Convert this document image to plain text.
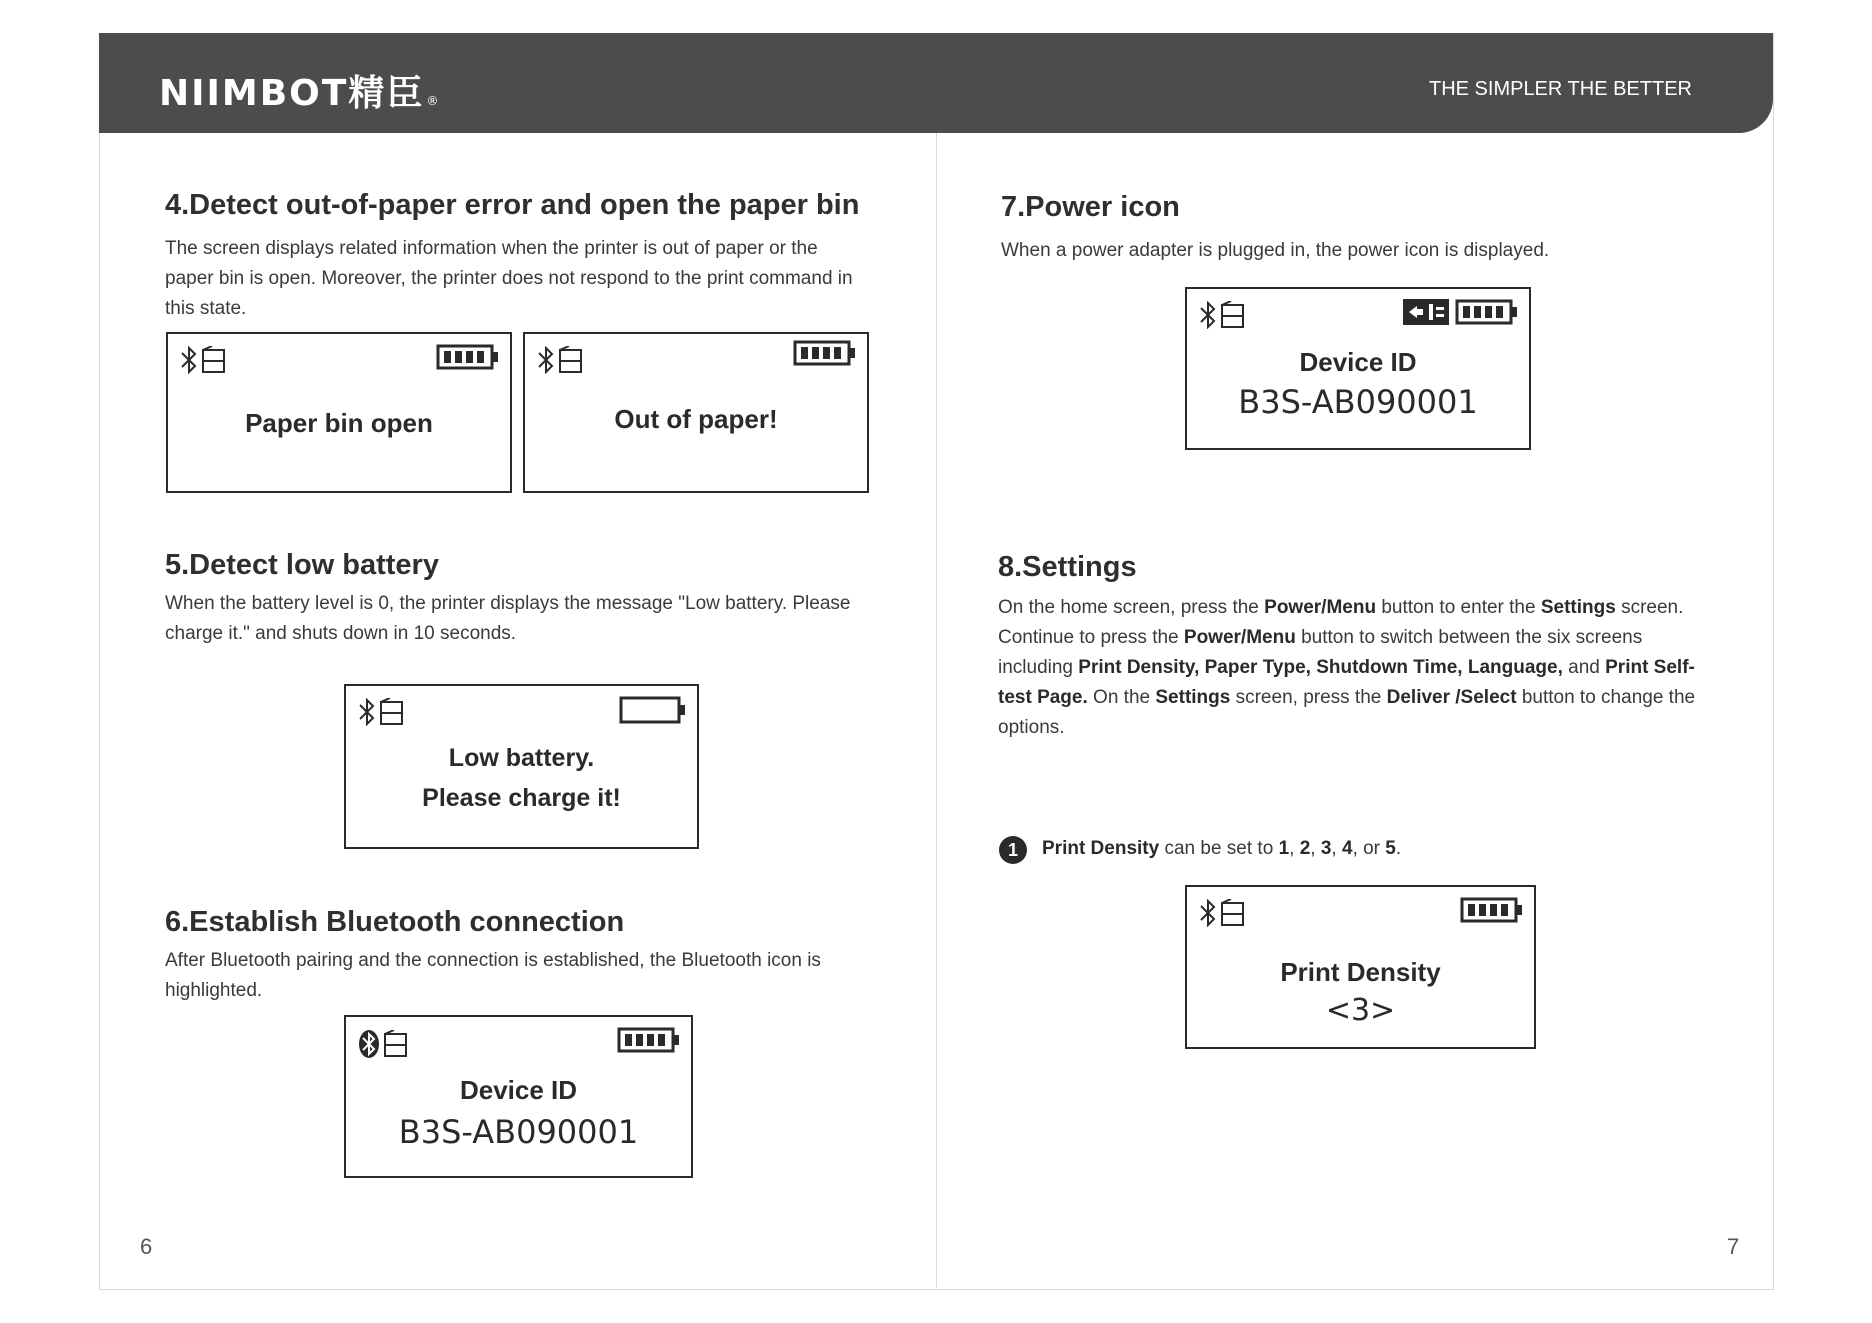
NIIMBOT精臣 ®
THE SIMPLER THE BETTER
4.Detect out-of-paper error and open the paper bin

The screen displays related information when the printer is out of paper or the paper bin is open. Moreover, the printer does not respond to the print command in this state.

Paper bin open	Out of paper!
5.Detect low battery

When the battery level is 0, the printer displays the message "Low battery. Please charge it." and shuts down in 10 seconds.

Low battery.
Please charge it!
6.Establish Bluetooth connection

After Bluetooth pairing and the connection is established, the Bluetooth icon is highlighted.

Device ID
B3S-AB090001
6
7.Power icon

When a power adapter is plugged in, the power icon is displayed.

Device ID
B3S-AB090001
8.Settings

On the home screen, press the Power/Menu button to enter the Settings screen. Continue to press the Power/Menu button to switch between the six screens including Print Density, Paper Type, Shutdown Time, Language, and Print Self-test Page. On the Settings screen, press the Deliver /Select button to change the options.

1	Print Density can be set to 1, 2, 3, 4, or 5.

Print Density
<3>
7
